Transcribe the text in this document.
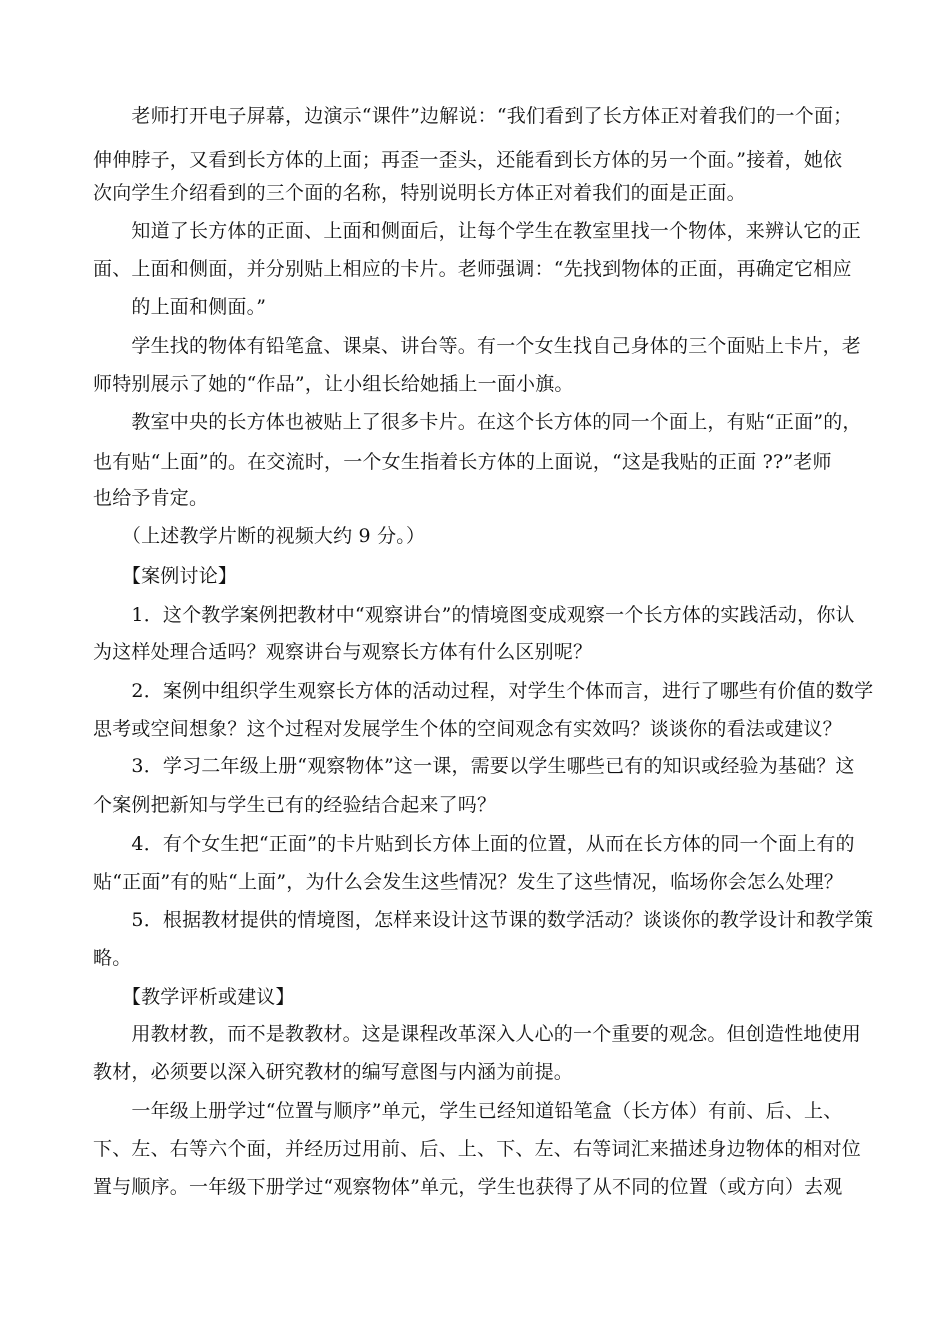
　　老师打开电子屏幕，边演示“课件”边解说：“我们看到了长方体正对着我们的一个面；
伸伸脖子，又看到长方体的上面；再歪一歪头，还能看到长方体的另一个面。”接着，她依
次向学生介绍看到的三个面的名称，特别说明长方体正对着我们的面是正面。
　　知道了长方体的正面、上面和侧面后，让每个学生在教室里找一个物体，来辨认它的正
面、上面和侧面，并分别贴上相应的卡片。老师强调：“先找到物体的正面，再确定它相应
　　的上面和侧面。”
　　学生找的物体有铅笔盒、课桌、讲台等。有一个女生找自己身体的三个面贴上卡片，老
师特别展示了她的“作品”，让小组长给她插上一面小旗。
　　教室中央的长方体也被贴上了很多卡片。在这个长方体的同一个面上，有贴“正面”的，
也有贴“上面”的。在交流时，一个女生指着长方体的上面说，“这是我贴的正面 ??”老师
也给予肯定。
　　（上述教学片断的视频大约 9 分。）
　　【案例讨论】
　　1．这个教学案例把教材中“观察讲台”的情境图变成观察一个长方体的实践活动，你认
为这样处理合适吗？观察讲台与观察长方体有什么区别呢？
　　2．案例中组织学生观察长方体的活动过程，对学生个体而言，进行了哪些有价值的数学
思考或空间想象？这个过程对发展学生个体的空间观念有实效吗？谈谈你的看法或建议？
　　3．学习二年级上册“观察物体”这一课，需要以学生哪些已有的知识或经验为基础？这
个案例把新知与学生已有的经验结合起来了吗？
　　4．有个女生把“正面”的卡片贴到长方体上面的位置，从而在长方体的同一个面上有的
贴“正面”有的贴“上面”，为什么会发生这些情况？发生了这些情况，临场你会怎么处理？
　　5．根据教材提供的情境图，怎样来设计这节课的数学活动？谈谈你的教学设计和教学策
略。
　　【教学评析或建议】
　　用教材教，而不是教教材。这是课程改革深入人心的一个重要的观念。但创造性地使用
教材，必须要以深入研究教材的编写意图与内涵为前提。
　　一年级上册学过“位置与顺序”单元，学生已经知道铅笔盒（长方体）有前、后、上、
下、左、右等六个面，并经历过用前、后、上、下、左、右等词汇来描述身边物体的相对位
置与顺序。一年级下册学过“观察物体”单元，学生也获得了从不同的位置（或方向）去观
